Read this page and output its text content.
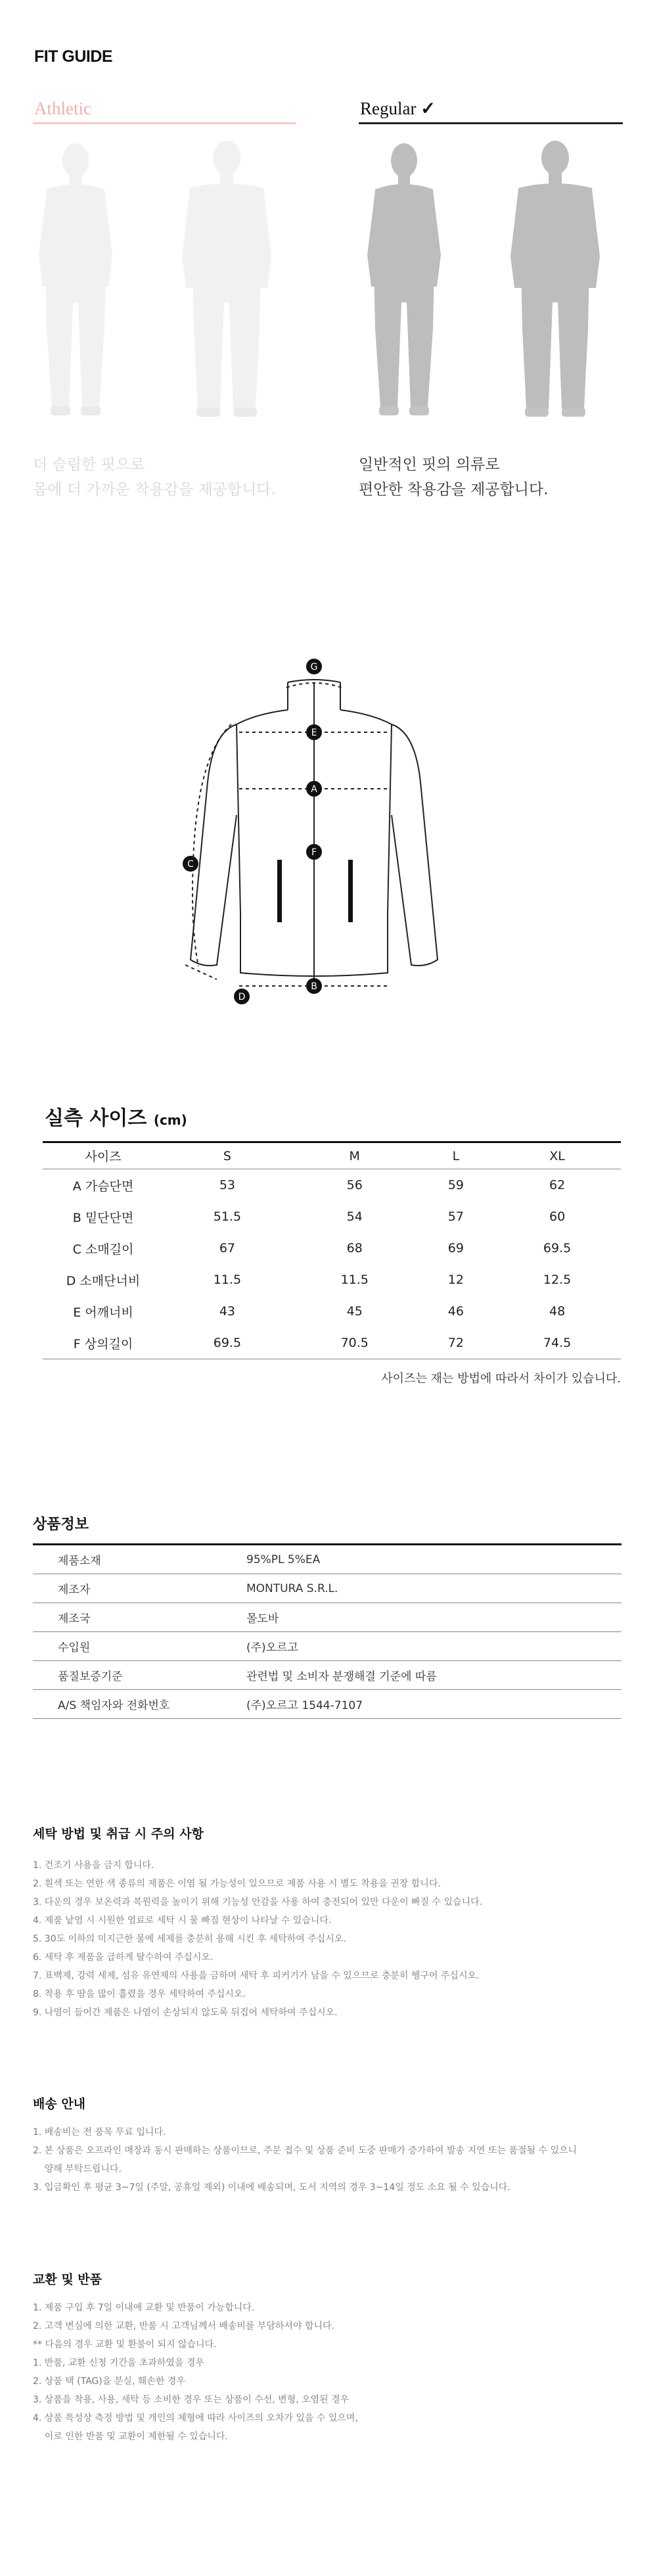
FIT GUIDE
Athletic	Regular ✓
더 슬림한 핏으로
몸에 더 가까운 착용감을 제공합니다.
일반적인 핏의 의류로
편안한 착용감을 제공합니다.
G
E
A
F
C
B
D
실측 사이즈 (cm)
사이즈	S	M	L	XL
A 가슴단면	53	56	59	62
B 밑단단면	51.5	54	57	60
C 소매길이	67	68	69	69.5
D 소매단너비	11.5	11.5	12	12.5
E 어깨너비	43	45	46	48
F 상의길이	69.5	70.5	72	74.5
사이즈는 재는 방법에 따라서 차이가 있습니다.
상품정보
제품소재	95%PL 5%EA
제조자	MONTURA S.R.L.
제조국	몰도바
수입원	(주)오르고
품질보증기준	관련법 및 소비자 분쟁해결 기준에 따름
A/S 책임자와 전화번호	(주)오르고 1544-7107
세탁 방법 및 취급 시 주의 사항
1. 건조기 사용을 금지 합니다.
2. 흰색 또는 연한 색 종류의 제품은 이염 될 가능성이 있으므로 제품 사용 시 별도 착용을 권장 합니다.
3. 다운의 경우 보온력과 복원력을 높이기 위해 기능성 안감을 사용 하여 충전되어 있만 다운이 빠질 수 있습니다.
4. 제품 낱염 시 시원한 염료로 세탁 시 물 빠짐 현상이 나타날 수 있습니다.
5. 30도 이하의 미지근한 물에 세제를 충분히 용해 시킨 후 세탁하여 주십시오.
6. 세탁 후 제품을 급하게 탈수하여 주십시오.
7. 표백제, 강력 세제, 섬유 유연제의 사용을 금하며 세탁 후 피커기가 남을 수 있으므로 충분히 헹구어 주십시오.
8. 착용 후 땀을 많이 흘렸을 경우 세탁하여 주십시오.
9. 나염이 들어간 제품은 나염이 손상되지 않도록 뒤집어 세탁하여 주십시오.
배송 안내
1. 배송비는 전 품목 무료 입니다.
2. 본 상품은 오프라인 매장과 동시 판매하는 상품이므로, 주문 접수 및 상품 준비 도중 판매가 증가하여 발송 지연 또는 품절될 수 있으니
양해 부탁드립니다.
3. 입금확인 후 평균 3~7일 (주말, 공휴일 제외) 이내에 배송되며, 도서 지역의 경우 3~14일 정도 소요 될 수 있습니다.
교환 및 반품
1. 제품 구입 후 7일 이내에 교환 및 반품이 가능합니다.
2. 고객 변심에 의한 교환, 반품 시 고객님께서 배송비를 부담하셔야 합니다.
** 다음의 경우 교환 및 환불이 되지 않습니다.
1. 반품, 교환 신청 기간을 초과하였을 경우
2. 상품 택 (TAG)을 분실, 훼손한 경우
3. 상품을 착용, 사용, 세탁 등 소비한 경우 또는 상품이 수선, 변형, 오염된 경우
4. 상품 특성상 측정 방법 및 개인의 체형에 따라 사이즈의 오차가 있을 수 있으며,
이로 인한 반품 및 교환이 제한될 수 있습니다.
